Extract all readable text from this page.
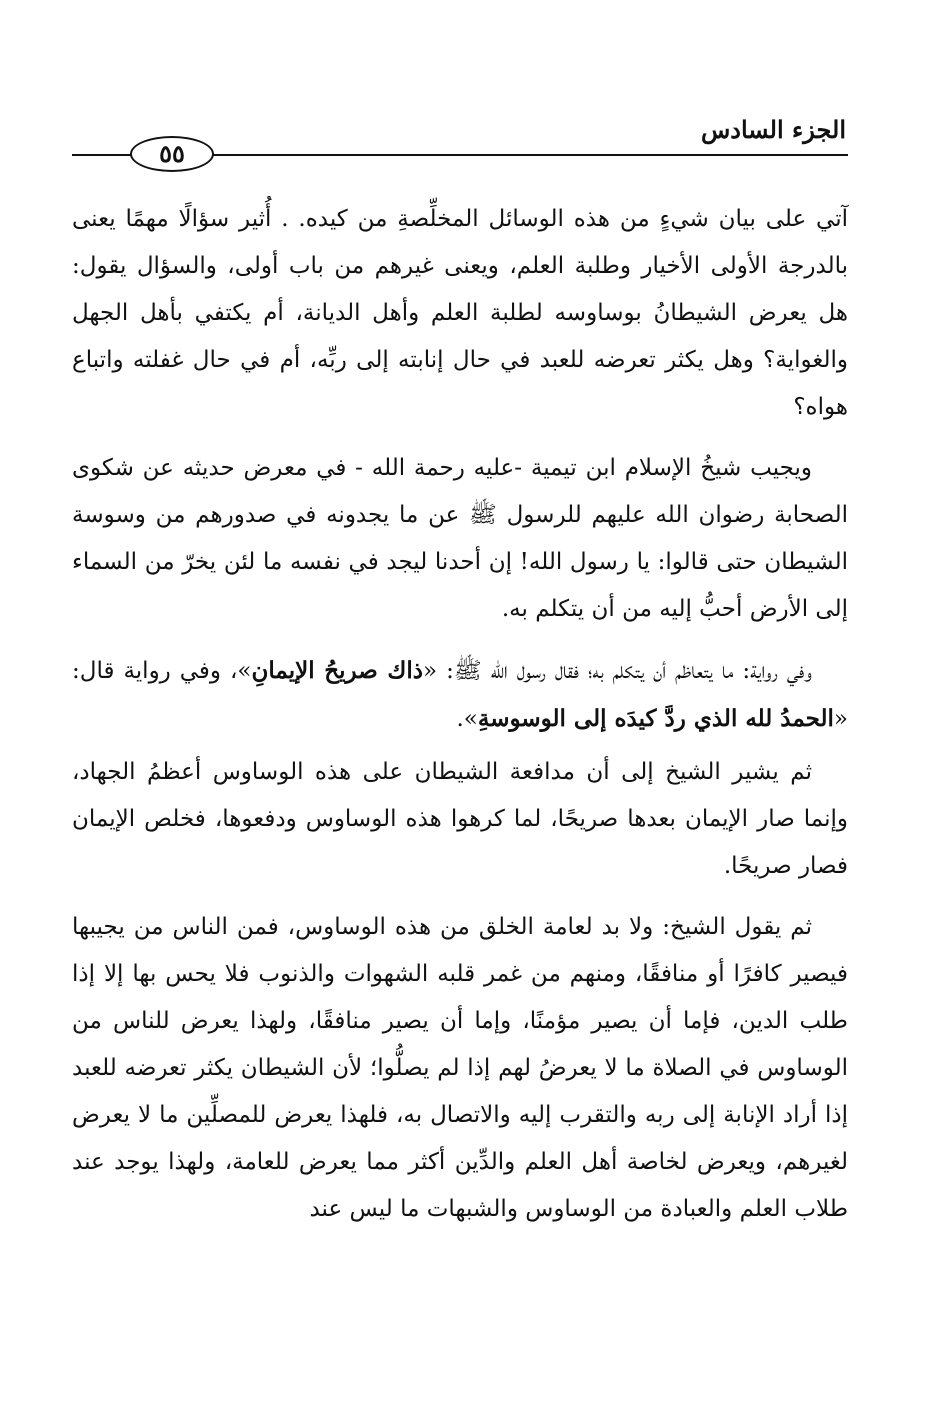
الجزء السادس
٥٥

آتي على بيان شيءٍ من هذه الوسائل المخلِّصةِ من كيده. . أُثير سؤالًا مهمًا يعنى بالدرجة الأولى الأخيار وطلبة العلم، ويعنى غيرهم من باب أولى، والسؤال يقول: هل يعرض الشيطانُ بوساوسه لطلبة العلم وأهل الديانة، أم يكتفي بأهل الجهل والغواية؟ وهل يكثر تعرضه للعبد في حال إنابته إلى ربِّه، أم في حال غفلته واتباع هواه؟

ويجيب شيخُ الإسلام ابن تيمية -عليه رحمة الله - في معرض حديثه عن شكوى الصحابة رضوان الله عليهم للرسول ﷺ عن ما يجدونه في صدورهم من وسوسة الشيطان حتى قالوا: يا رسول الله! إن أحدنا ليجد في نفسه ما لئن يخرّ من السماء إلى الأرض أحبُّ إليه من أن يتكلم به.

وفي رواية: ما يتعاظم أن يتكلم به؛ فقال رسول الله ﷺ: «ذاك صريحُ الإيمانِ»، وفي رواية قال: «الحمدُ لله الذي ردَّ كيدَه إلى الوسوسةِ».

ثم يشير الشيخ إلى أن مدافعة الشيطان على هذه الوساوس أعظمُ الجهاد، وإنما صار الإيمان بعدها صريحًا، لما كرهوا هذه الوساوس ودفعوها، فخلص الإيمان فصار صريحًا.

ثم يقول الشيخ: ولا بد لعامة الخلق من هذه الوساوس، فمن الناس من يجيبها فيصير كافرًا أو منافقًا، ومنهم من غمر قلبه الشهوات والذنوب فلا يحس بها إلا إذا طلب الدين، فإما أن يصير مؤمنًا، وإما أن يصير منافقًا، ولهذا يعرض للناس من الوساوس في الصلاة ما لا يعرضُ لهم إذا لم يصلُّوا؛ لأن الشيطان يكثر تعرضه للعبد إذا أراد الإنابة إلى ربه والتقرب إليه والاتصال به، فلهذا يعرض للمصلِّين ما لا يعرض لغيرهم، ويعرض لخاصة أهل العلم والدِّين أكثر مما يعرض للعامة، ولهذا يوجد عند طلاب العلم والعبادة من الوساوس والشبهات ما ليس عند
